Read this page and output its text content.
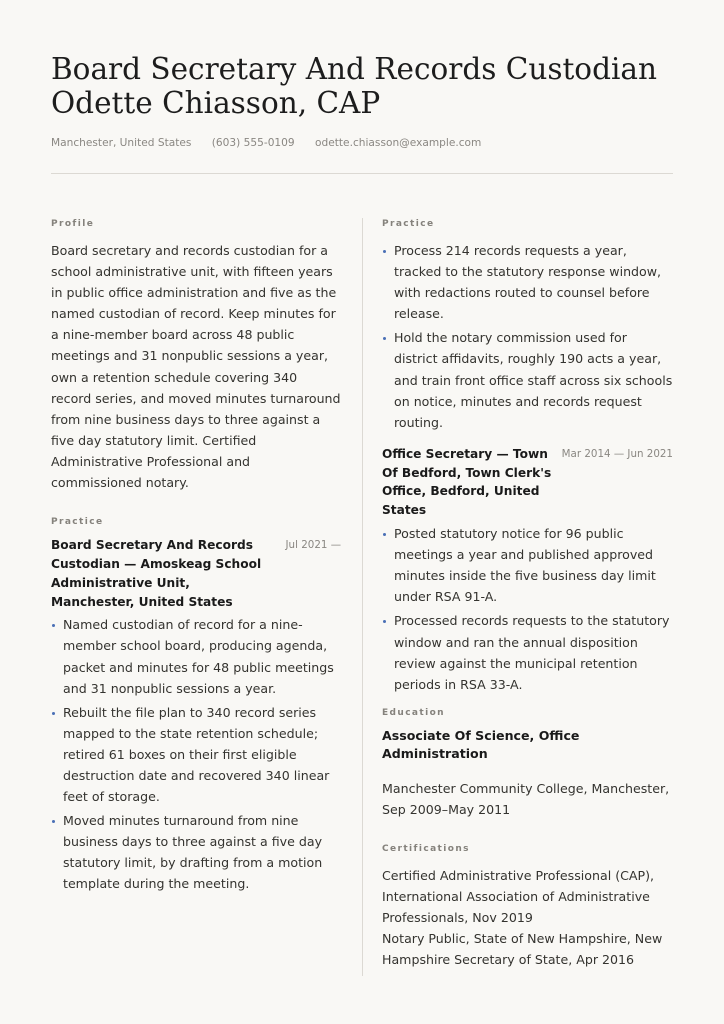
Board Secretary And Records Custodian Odette Chiasson, CAP
Manchester, United States (603) 555-0109 odette.chiasson@example.com
Profile

Board secretary and records custodian for a school administrative unit, with fifteen years in public office administration and five as the named custodian of record. Keep minutes for a nine-member board across 48 public meetings and 31 nonpublic sessions a year, own a retention schedule covering 340 record series, and moved minutes turnaround from nine business days to three against a five day statutory limit. Certified Administrative Professional and commissioned notary.

Practice
Board Secretary And Records Custodian — Amoskeag School Administrative Unit, Manchester, United States
Jul 2021 —
Named custodian of record for a nine-member school board, producing agenda, packet and minutes for 48 public meetings and 31 nonpublic sessions a year.
Rebuilt the file plan to 340 record series mapped to the state retention schedule; retired 61 boxes on their first eligible destruction date and recovered 340 linear feet of storage.
Moved minutes turnaround from nine business days to three against a five day statutory limit, by drafting from a motion template during the meeting.
Practice
Process 214 records requests a year, tracked to the statutory response window, with redactions routed to counsel before release.
Hold the notary commission used for district affidavits, roughly 190 acts a year, and train front office staff across six schools on notice, minutes and records request routing.
Office Secretary — Town Of Bedford, Town Clerk's Office, Bedford, United States
Mar 2014 — Jun 2021
Posted statutory notice for 96 public meetings a year and published approved minutes inside the five business day limit under RSA 91-A.
Processed records requests to the statutory window and ran the annual disposition review against the municipal retention periods in RSA 33-A.
Education
Associate Of Science, Office Administration

Manchester Community College, Manchester, Sep 2009–May 2011

Certifications

Certified Administrative Professional (CAP), International Association of Administrative Professionals, Nov 2019

Notary Public, State of New Hampshire, New Hampshire Secretary of State, Apr 2016
